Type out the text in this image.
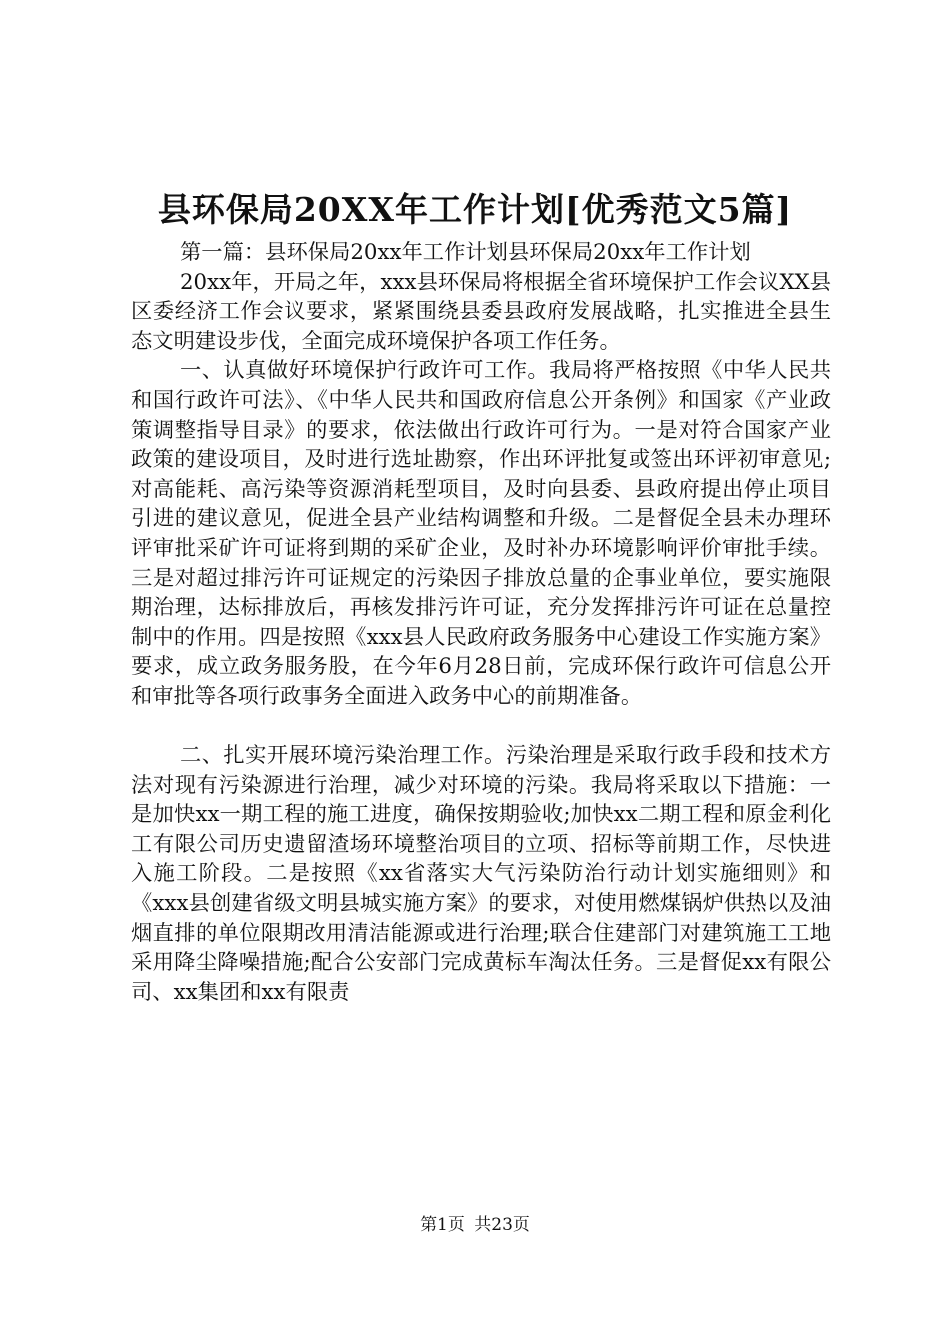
县环保局20XX年工作计划[优秀范文5篇]

第一篇：县环保局20xx年工作计划县环保局20xx年工作计划

20xx年，开局之年，xxx县环保局将根据全省环境保护工作会议XX县区委经济工作会议要求，紧紧围绕县委县政府发展战略，扎实推进全县生态文明建设步伐，全面完成环境保护各项工作任务。

一、认真做好环境保护行政许可工作。我局将严格按照《中华人民共和国行政许可法》、《中华人民共和国政府信息公开条例》和国家《产业政策调整指导目录》的要求，依法做出行政许可行为。一是对符合国家产业政策的建设项目，及时进行选址勘察，作出环评批复或签出环评初审意见;对高能耗、高污染等资源消耗型项目，及时向县委、县政府提出停止项目引进的建议意见，促进全县产业结构调整和升级。二是督促全县未办理环评审批采矿许可证将到期的采矿企业，及时补办环境影响评价审批手续。三是对超过排污许可证规定的污染因子排放总量的企事业单位，要实施限期治理，达标排放后，再核发排污许可证，充分发挥排污许可证在总量控制中的作用。四是按照《xxx县人民政府政务服务中心建设工作实施方案》要求，成立政务服务股，在今年6月28日前，完成环保行政许可信息公开和审批等各项行政事务全面进入政务中心的前期准备。

二、扎实开展环境污染治理工作。污染治理是采取行政手段和技术方法对现有污染源进行治理，减少对环境的污染。我局将采取以下措施：一是加快xx一期工程的施工进度，确保按期验收;加快xx二期工程和原金利化工有限公司历史遗留渣场环境整治项目的立项、招标等前期工作，尽快进入施工阶段。二是按照《xx省落实大气污染防治行动计划实施细则》和《xxx县创建省级文明县城实施方案》的要求，对使用燃煤锅炉供热以及油烟直排的单位限期改用清洁能源或进行治理;联合住建部门对建筑施工工地采用降尘降噪措施;配合公安部门完成黄标车淘汰任务。三是督促xx有限公司、xx集团和xx有限责

第1页 共23页
